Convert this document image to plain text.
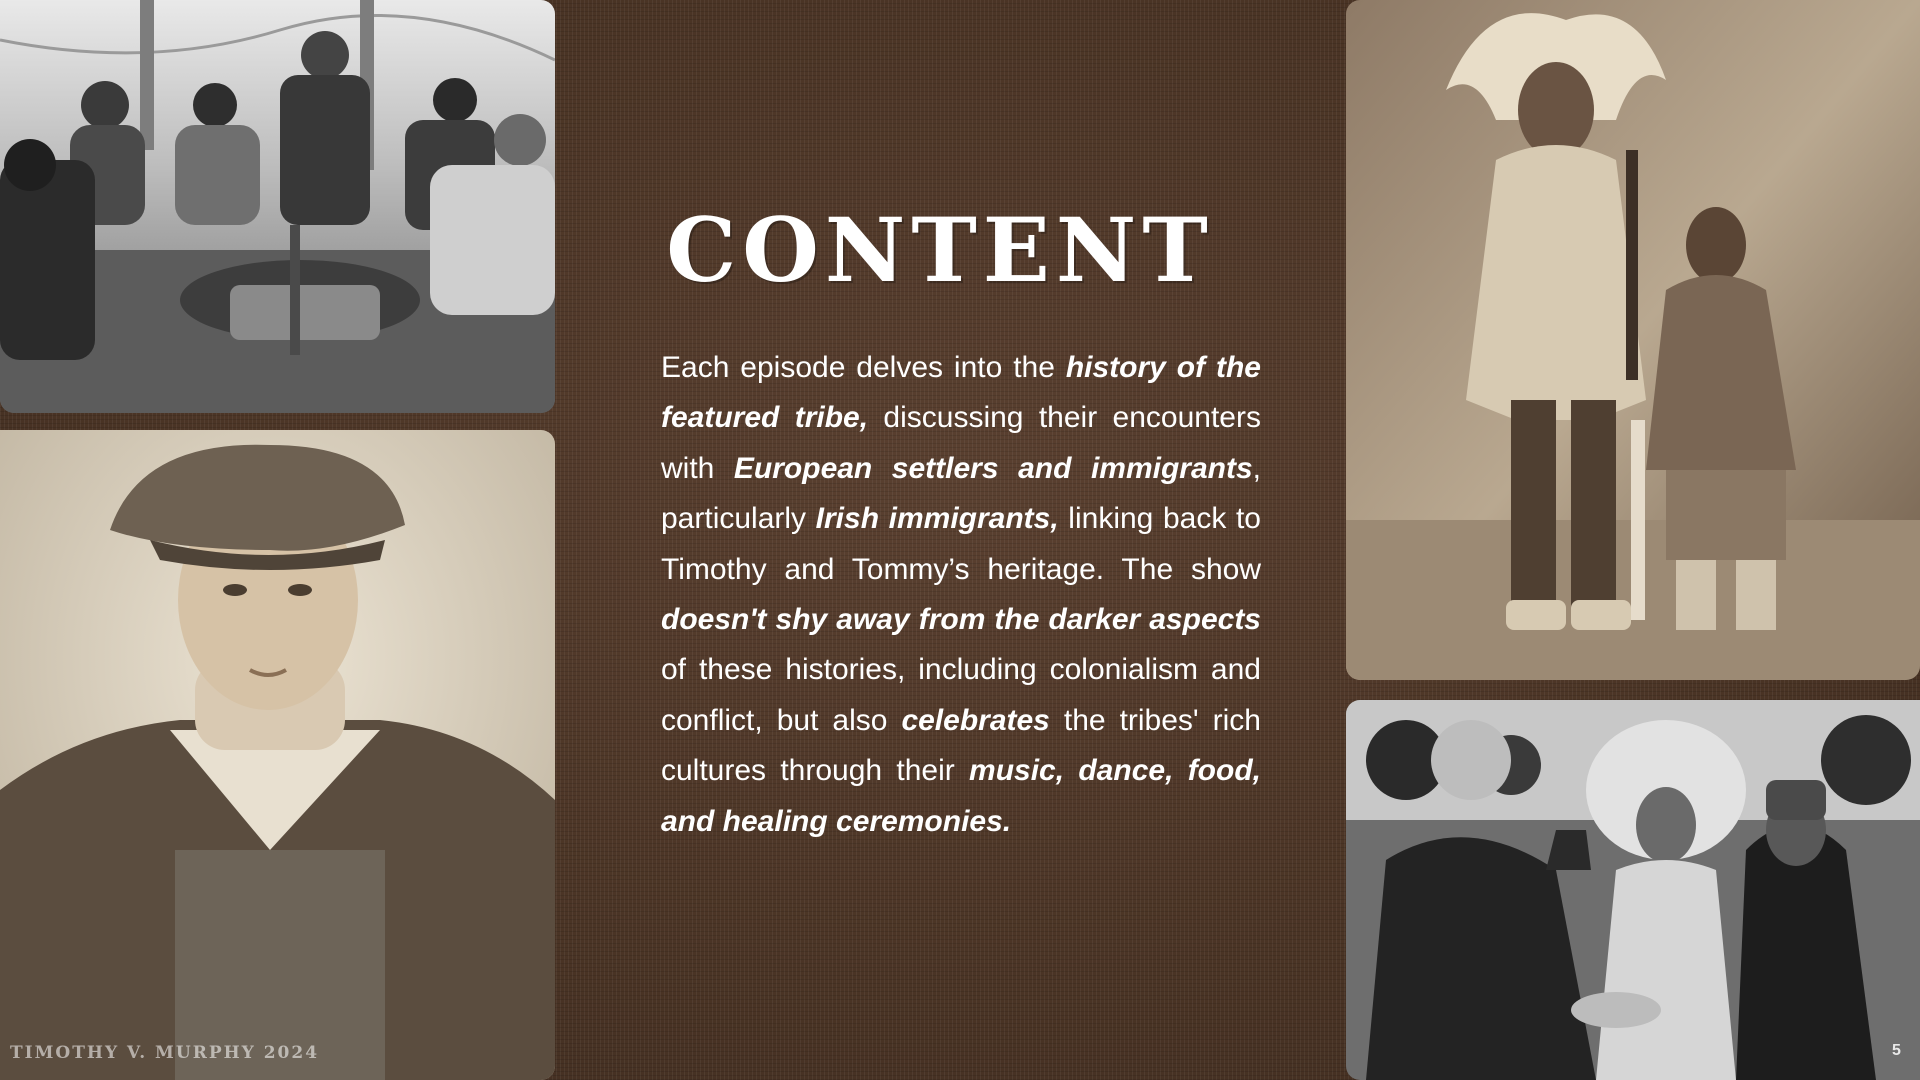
CONTENT
Each episode delves into the history of the featured tribe, discussing their encounters with European settlers and immigrants, particularly Irish immigrants, linking back to Timothy and Tommy’s heritage. The show doesn't shy away from the darker aspects of these histories, including colonialism and conflict, but also celebrates the tribes' rich cultures through their music, dance, food, and healing ceremonies.
TIMOTHY V. MURPHY 2024	5
